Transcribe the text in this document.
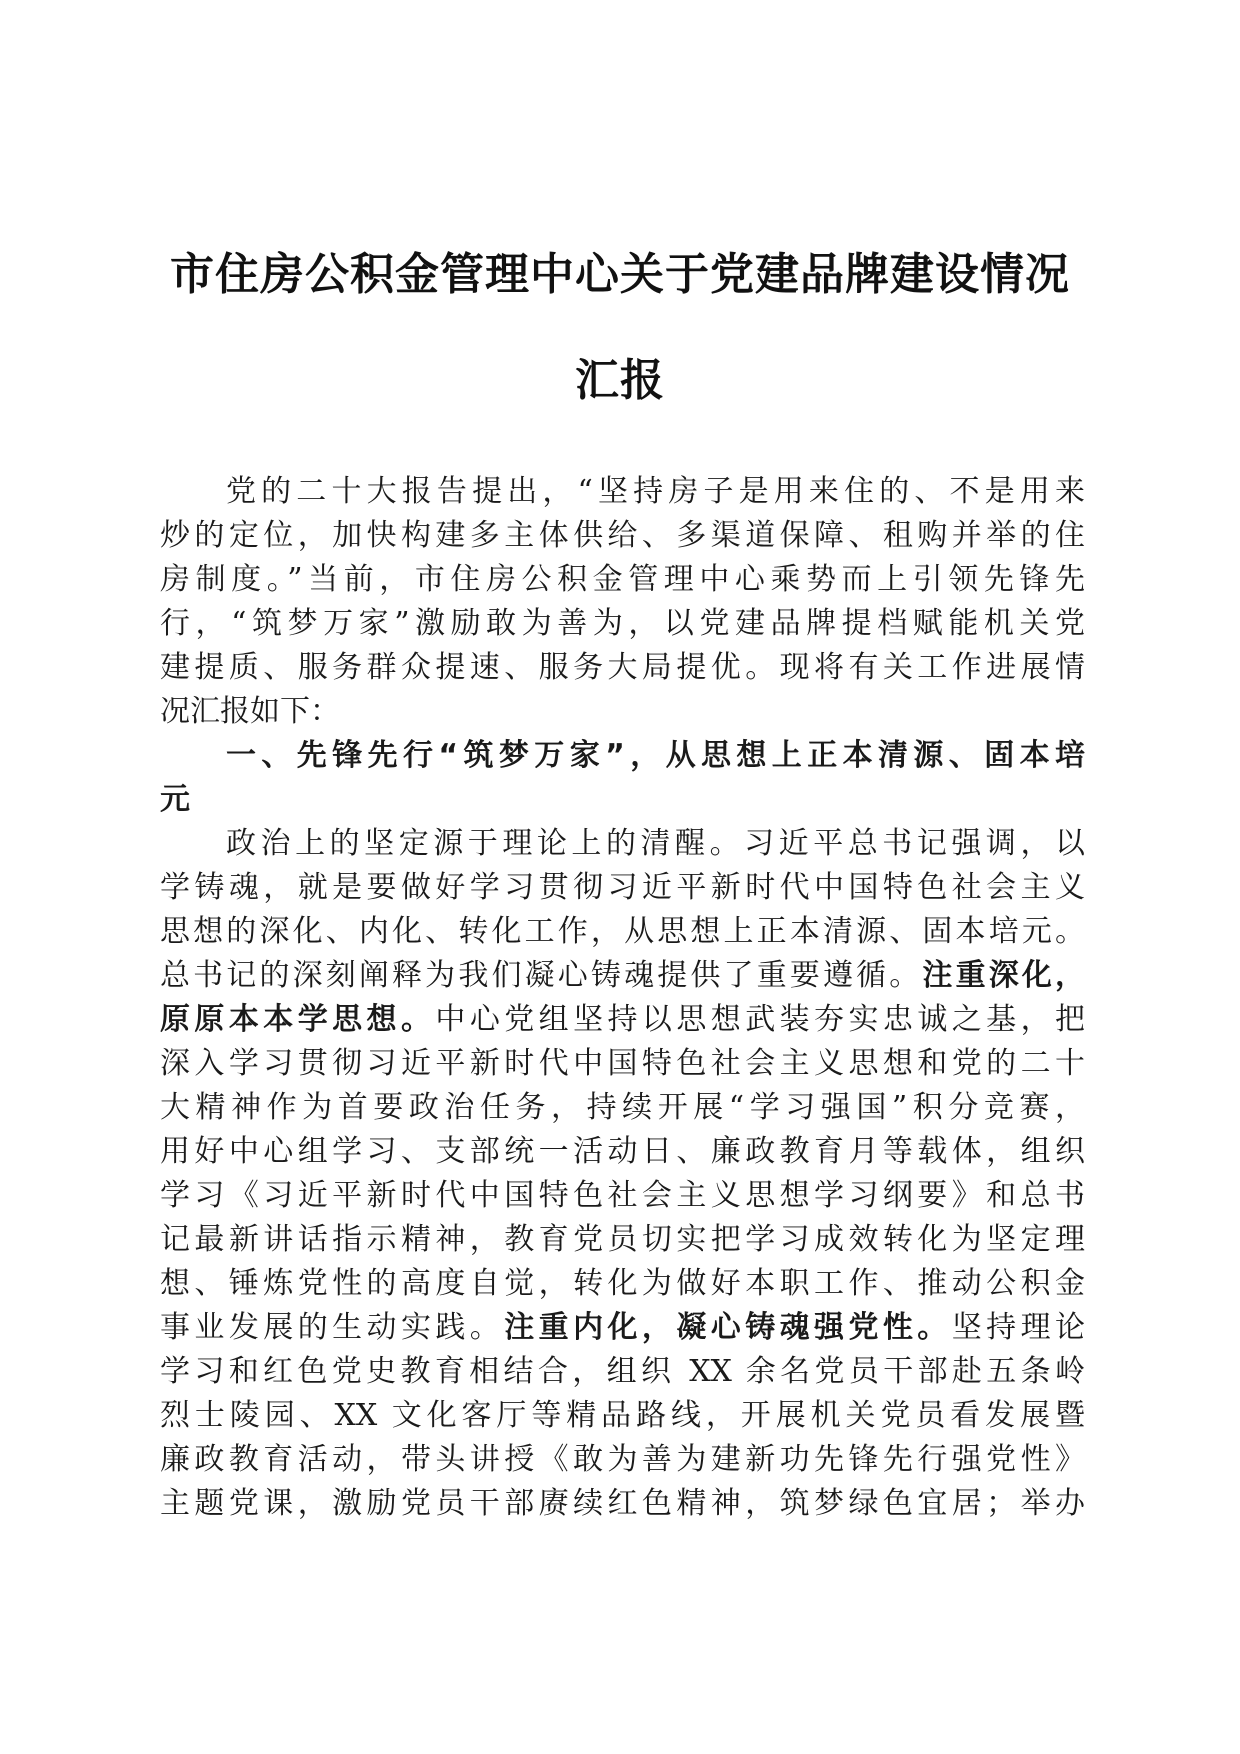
市住房公积金管理中心关于党建品牌建设情况
汇报
党的二十大报告提出，“坚持房子是用来住的、不是用来
炒的定位，加快构建多主体供给、多渠道保障、租购并举的住
房制度。”当前，市住房公积金管理中心乘势而上引领先锋先
行，“筑梦万家”激励敢为善为，以党建品牌提档赋能机关党
建提质、服务群众提速、服务大局提优。现将有关工作进展情
况汇报如下：
一、先锋先行“筑梦万家”，从思想上正本清源、固本培
元
政治上的坚定源于理论上的清醒。习近平总书记强调，以
学铸魂，就是要做好学习贯彻习近平新时代中国特色社会主义
思想的深化、内化、转化工作，从思想上正本清源、固本培元。
总书记的深刻阐释为我们凝心铸魂提供了重要遵循。注重深化，
原原本本学思想。中心党组坚持以思想武装夯实忠诚之基，把
深入学习贯彻习近平新时代中国特色社会主义思想和党的二十
大精神作为首要政治任务，持续开展“学习强国”积分竞赛，
用好中心组学习、支部统一活动日、廉政教育月等载体，组织
学习《习近平新时代中国特色社会主义思想学习纲要》和总书
记最新讲话指示精神，教育党员切实把学习成效转化为坚定理
想、锤炼党性的高度自觉，转化为做好本职工作、推动公积金
事业发展的生动实践。注重内化，凝心铸魂强党性。坚持理论
学习和红色党史教育相结合，组织 XX 余名党员干部赴五条岭
烈士陵园、XX 文化客厅等精品路线，开展机关党员看发展暨
廉政教育活动，带头讲授《敢为善为建新功先锋先行强党性》
主题党课，激励党员干部赓续红色精神，筑梦绿色宜居；举办
